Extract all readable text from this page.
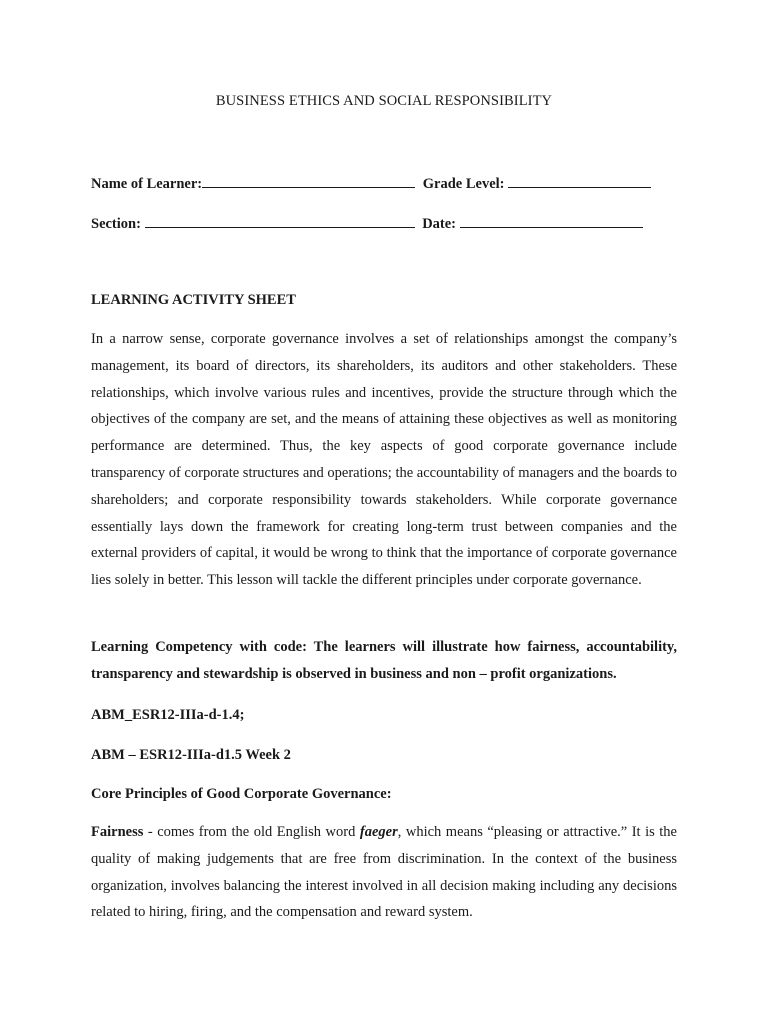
BUSINESS ETHICS AND SOCIAL RESPONSIBILITY
Name of Learner:	Grade Level:
Section:	Date:
LEARNING ACTIVITY SHEET
In a narrow sense, corporate governance involves a set of relationships amongst the company’s management, its board of directors, its shareholders, its auditors and other stakeholders. These relationships, which involve various rules and incentives, provide the structure through which the objectives of the company are set, and the means of attaining these objectives as well as monitoring performance are determined. Thus, the key aspects of good corporate governance include transparency of corporate structures and operations; the accountability of managers and the boards to shareholders; and corporate responsibility towards stakeholders. While corporate governance essentially lays down the framework for creating long-term trust between companies and the external providers of capital, it would be wrong to think that the importance of corporate governance lies solely in better. This lesson will tackle the different principles under corporate governance.
Learning Competency with code: The learners will illustrate how fairness, accountability, transparency and stewardship is observed in business and non – profit organizations.
ABM_ESR12-IIIa-d-1.4;
ABM – ESR12-IIIa-d1.5 Week 2
Core Principles of Good Corporate Governance:
Fairness - comes from the old English word faeger, which means “pleasing or attractive.” It is the quality of making judgements that are free from discrimination. In the context of the business organization, involves balancing the interest involved in all decision making including any decisions related to hiring, firing, and the compensation and reward system.
